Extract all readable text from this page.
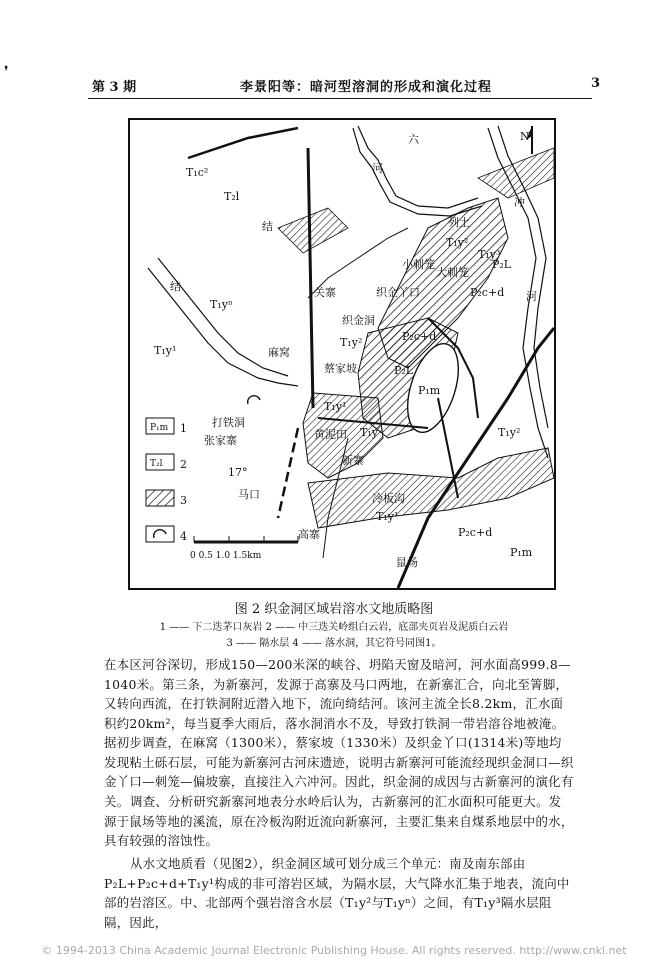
❜
第 3 期	李景阳等：暗河型溶洞的形成和演化过程	3
N
六
冲
河
河
结
结
T₁c²
T₂l
列土
T₁y²
T₁y³
小刺笼
大刺笼
P₂L
P₂c+d
关寨	织金丫口
织金洞
T₁yⁿ
T₁y²
T₁y¹	麻窝
蔡家坡
P₂c+d
P₂L
P₁m
打铁洞
张家寨
T₁y¹
黄泥田 T₁y
新寨
T₁y²
17°
马口	冷板沟
T₁y¹
P₂c+d
高寨
鼠场
P₁m
P₁m 1
T₂l 2
3
4
0 0.5 1.0 1.5km
图 2 织金洞区域岩溶水文地质略图
1 —— 下二迭茅口灰岩 2 —— 中三迭关岭组白云岩，底部夹页岩及泥质白云岩
3 —— 隔水层 4 —— 落水洞，其它符号同图1。
在本区河谷深切，形成150—200米深的峡谷、坍陷天窗及暗河，河水面高999.8—1040米。第三条，为新寨河，发源于高寨及马口两地，在新寨汇合，向北至箐脚，又转向西流，在打铁洞附近潜入地下，流向绮结河。该河主流全长8.2km，汇水面积约20km²，每当夏季大雨后，落水洞消水不及，导致打铁洞一带岩溶谷地被淹。据初步调查，在麻窝（1300米），蔡家坡（1330米）及织金丫口(1314米)等地均发现粘土砾石层，可能为新寨河古河床遗迹，说明古新寨河可能流经现织金洞口—织金丫口—刺笼—偏坡寨，直接注入六冲河。因此，织金洞的成因与古新寨河的演化有关。 调查、分析研究新寨河地表分水岭后认为，古新寨河的汇水面积可能更大。发源于鼠场等地的溪流，原在冷板沟附近流向新寨河，主要汇集来自煤系地层中的水，具有较强的溶蚀性。
从水文地质看（见图2），织金洞区域可划分成三个单元：南及南东部由P₂L+P₂c+d+T₁y¹构成的非可溶岩区域，为隔水层，大气降水汇集于地表，流向中部的岩溶区。中、北部两个强岩溶含水层（T₁y²与T₁yⁿ）之间，有T₁y³隔水层阻隔，因此，
© 1994-2013 China Academic Journal Electronic Publishing House. All rights reserved. http://www.cnki.net
